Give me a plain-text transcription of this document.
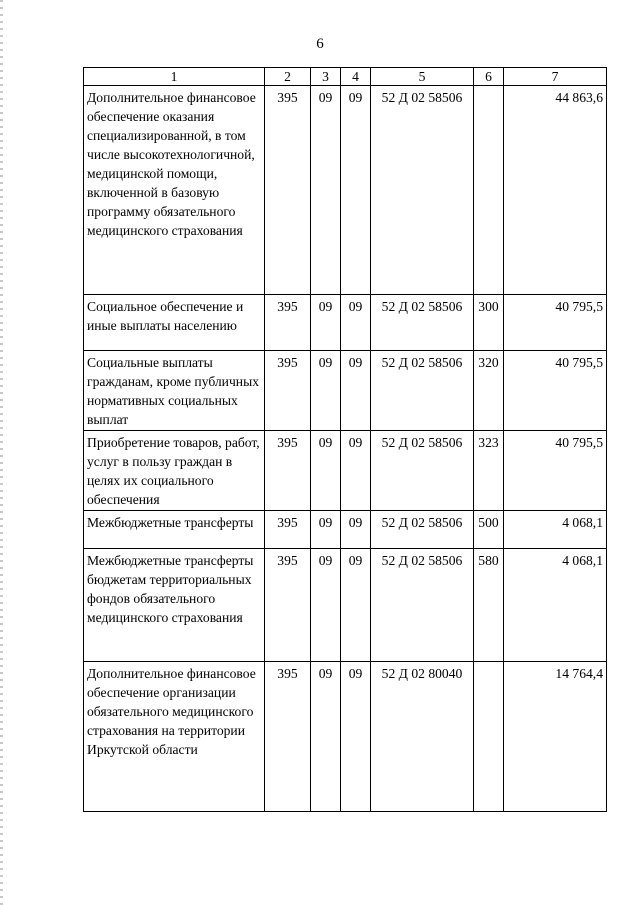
6
1	2	3	4	5	6	7
Дополнительное финансовое обеспечение оказания специализированной, в том числе высокотехнологичной, медицинской помощи, включенной в базовую программу обязательного медицинского страхования	395	09	09	52 Д 02 58506		44 863,6
Социальное обеспечение и иные выплаты населению	395	09	09	52 Д 02 58506	300	40 795,5
Социальные выплаты гражданам, кроме публичных нормативных социальных выплат	395	09	09	52 Д 02 58506	320	40 795,5
Приобретение товаров, работ, услуг в пользу граждан в целях их социального обеспечения	395	09	09	52 Д 02 58506	323	40 795,5
Межбюджетные трансферты	395	09	09	52 Д 02 58506	500	4 068,1
Межбюджетные трансферты бюджетам территориальных фондов обязательного медицинского страхования	395	09	09	52 Д 02 58506	580	4 068,1
Дополнительное финансовое обеспечение организации обязательного медицинского страхования на территории Иркутской области	395	09	09	52 Д 02 80040		14 764,4
